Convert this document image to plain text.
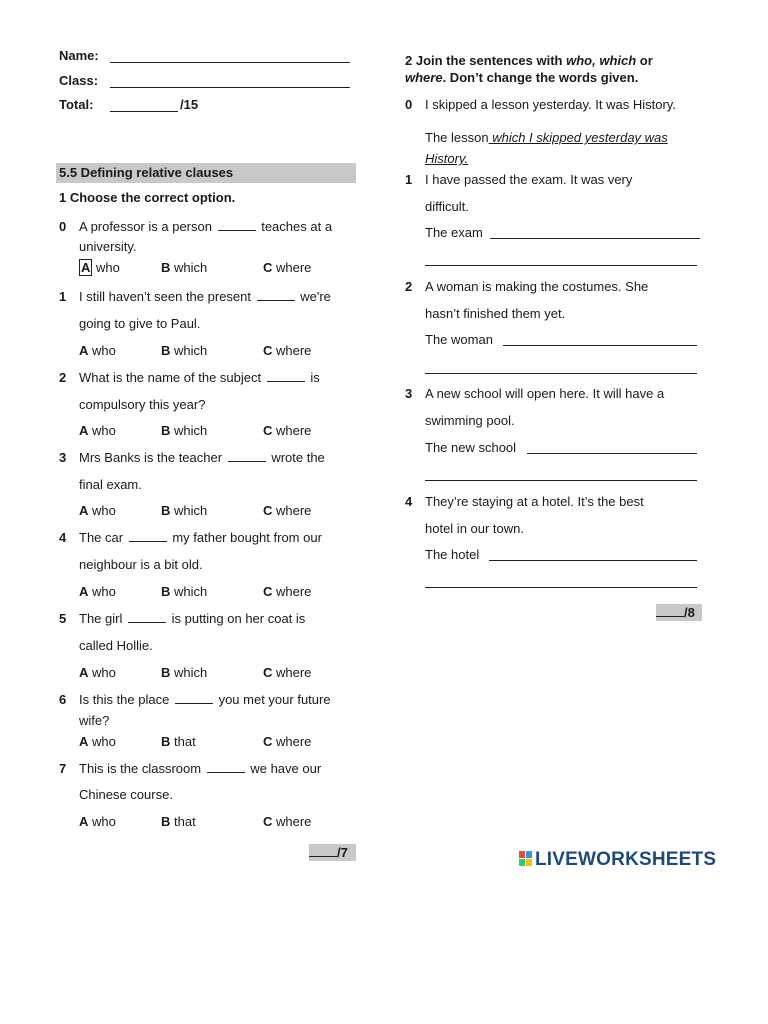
Name:
Class:
Total:	/15
5.5 Defining relative clauses
1 Choose the correct option.
0 A professor is a person	teaches at a
university.
A who	B which	C where
1 I still haven’t seen the present	we're
going to give to Paul.
A who	B which	C where
2 What is the name of the subject	is
compulsory this year?
A who	B which	C where
3 Mrs Banks is the teacher	wrote the
final exam.
A who	B which	C where
4 The car	my father bought from our
neighbour is a bit old.
A who	B which	C where
5 The girl	is putting on her coat is
called Hollie.
A who	B which	C where
6 Is this the place	you met your future
wife?
A who	B that	C where
7 This is the classroom	we have our
Chinese course.
A who	B that	C where
/7
2 Join the sentences with who, which or
where. Don’t change the words given.
0 I skipped a lesson yesterday. It was History.
The lesson which I skipped yesterday was
History.
1 I have passed the exam. It was very
difficult.
The exam
2 A woman is making the costumes. She
hasn’t finished them yet.
The woman
3 A new school will open here. It will have a
swimming pool.
The new school
4 They’re staying at a hotel. It’s the best
hotel in our town.
The hotel
/8
LIVEWORKSHEETS
